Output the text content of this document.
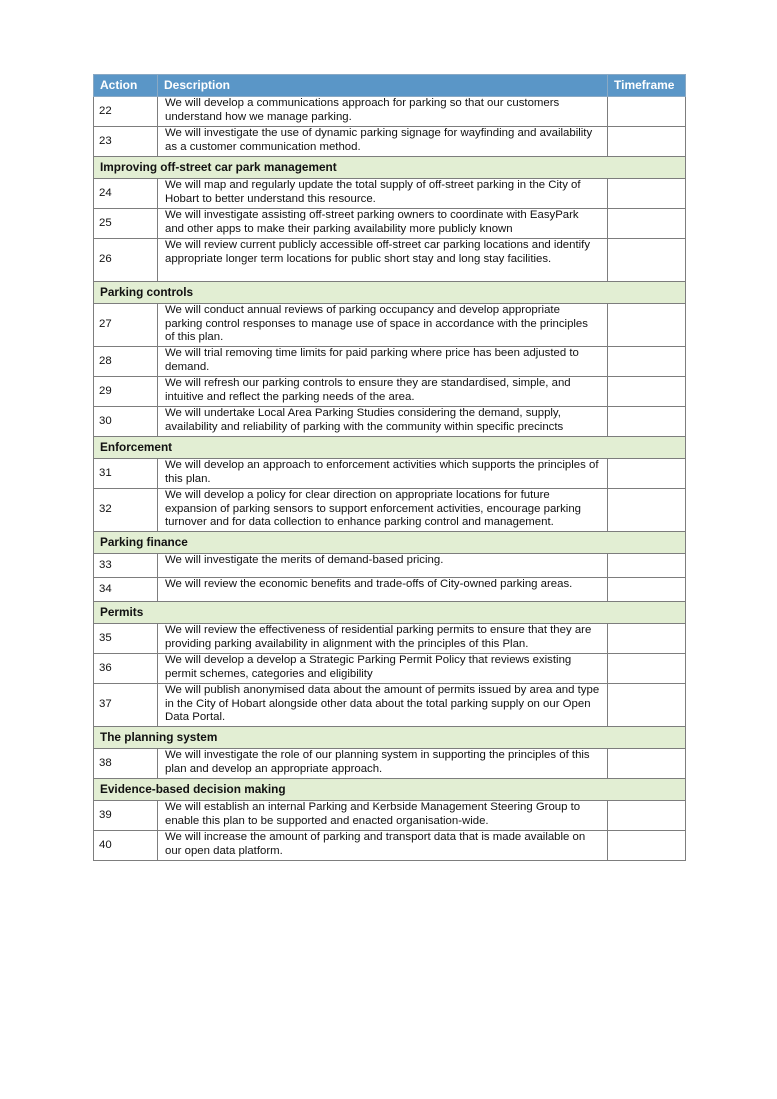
Action	Description	Timeframe
22	We will develop a communications approach for parking so that our customers understand how we manage parking.	
23	We will investigate the use of dynamic parking signage for wayfinding and availability as a customer communication method.	
Improving off-street car park management		
24	We will map and regularly update the total supply of off-street parking in the City of Hobart to better understand this resource.	
25	We will investigate assisting off-street parking owners to coordinate with EasyPark and other apps to make their parking availability more publicly known	
26	We will review current publicly accessible off-street car parking locations and identify appropriate longer term locations for public short stay and long stay facilities.	
Parking controls		
27	We will conduct annual reviews of parking occupancy and develop appropriate parking control responses to manage use of space in accordance with the principles of this plan.	
28	We will trial removing time limits for paid parking where price has been adjusted to demand.	
29	We will refresh our parking controls to ensure they are standardised, simple, and intuitive and reflect the parking needs of the area.	
30	We will undertake Local Area Parking Studies considering the demand, supply, availability and reliability of parking with the community within specific precincts	
Enforcement		
31	We will develop an approach to enforcement activities which supports the principles of this plan.	
32	We will develop a policy for clear direction on appropriate locations for future expansion of parking sensors to support enforcement activities, encourage parking turnover and for data collection to enhance parking control and management.	
Parking finance		
33	We will investigate the merits of demand-based pricing.	
34	We will review the economic benefits and trade-offs of City-owned parking areas.	
Permits		
35	We will review the effectiveness of residential parking permits to ensure that they are providing parking availability in alignment with the principles of this Plan.	
36	We will develop a develop a Strategic Parking Permit Policy that reviews existing permit schemes, categories and eligibility	
37	We will publish anonymised data about the amount of permits issued by area and type in the City of Hobart alongside other data about the total parking supply on our Open Data Portal.	
The planning system		
38	We will investigate the role of our planning system in supporting the principles of this plan and develop an appropriate approach.	
Evidence-based decision making		
39	We will establish an internal Parking and Kerbside Management Steering Group to enable this plan to be supported and enacted organisation-wide.	
40	We will increase the amount of parking and transport data that is made available on our open data platform.	
